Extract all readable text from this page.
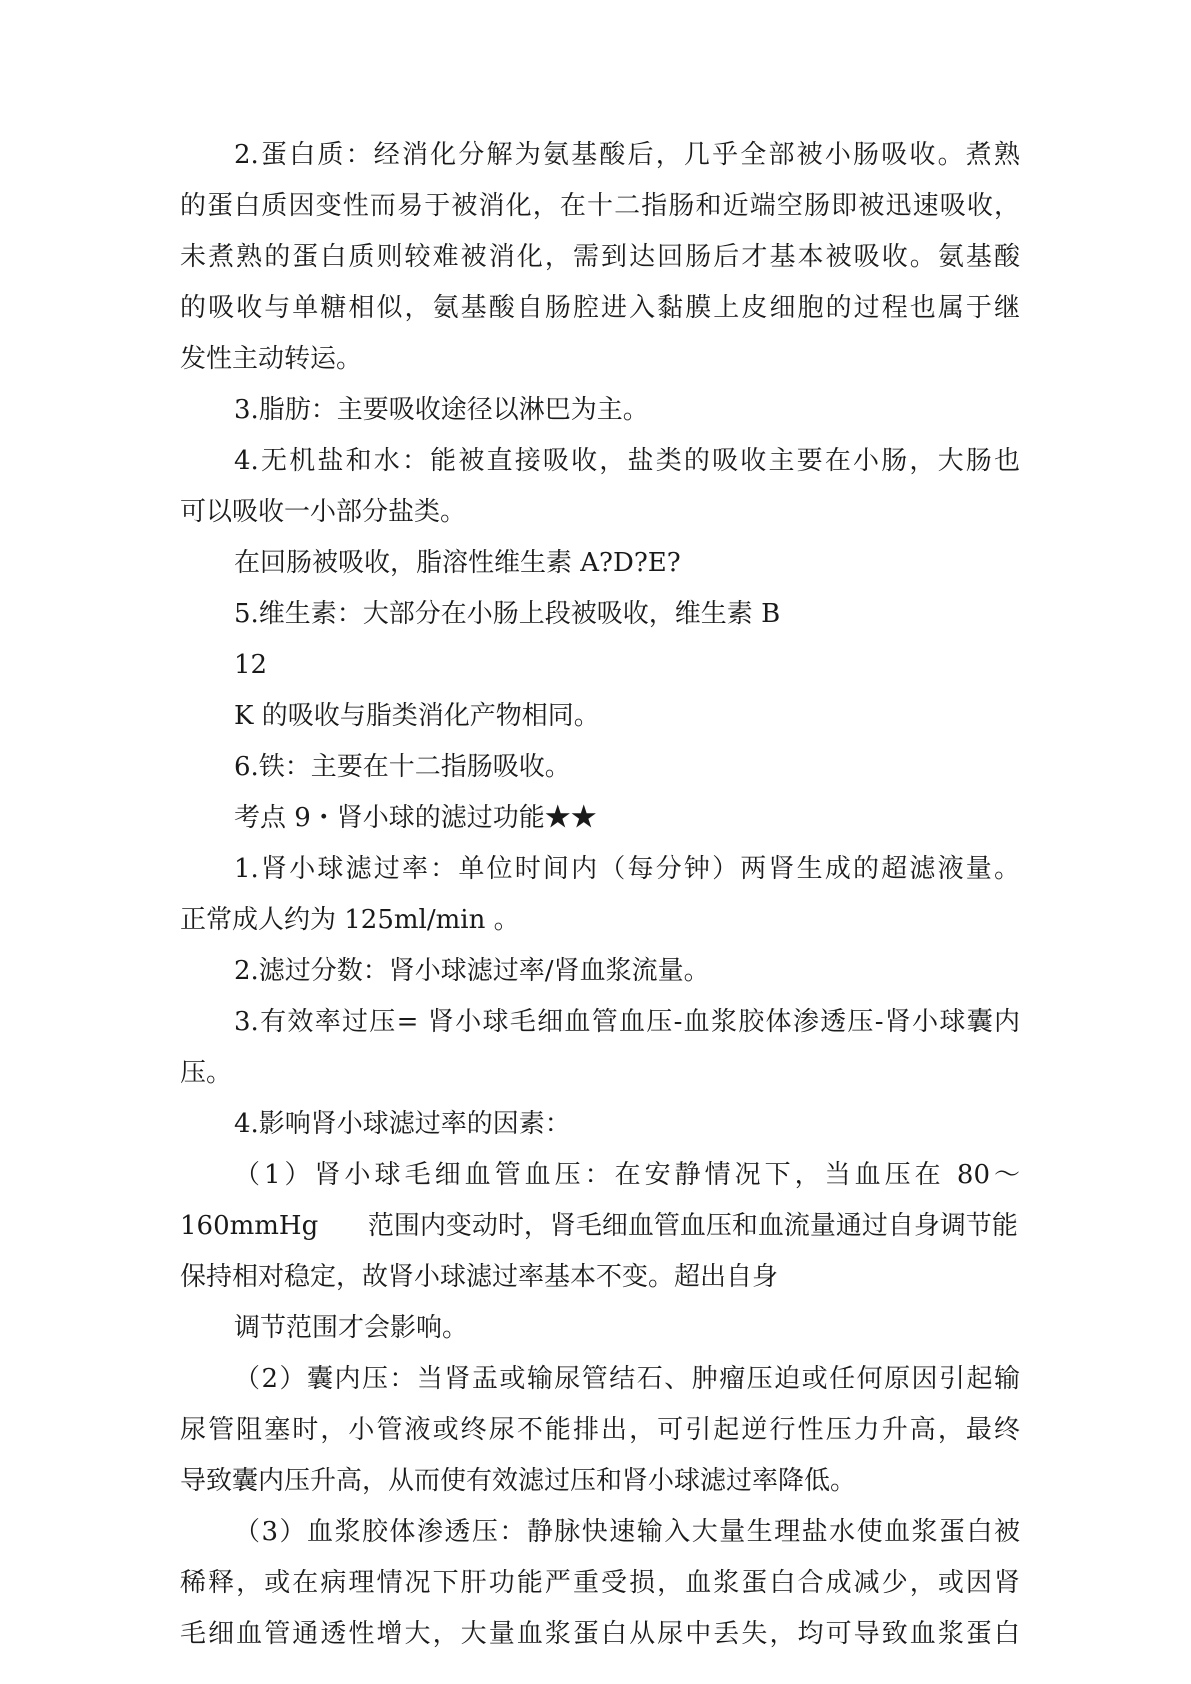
2.蛋白质：经消化分解为氨基酸后，几乎全部被小肠吸收。煮熟
的蛋白质因变性而易于被消化，在十二指肠和近端空肠即被迅速吸收，
未煮熟的蛋白质则较难被消化，需到达回肠后才基本被吸收。氨基酸
的吸收与单糖相似，氨基酸自肠腔进入黏膜上皮细胞的过程也属于继
发性主动转运。
3.脂肪：主要吸收途径以淋巴为主。
4.无机盐和水：能被直接吸收，盐类的吸收主要在小肠，大肠也
可以吸收一小部分盐类。
在回肠被吸收，脂溶性维生素 A?D?E?
5.维生素：大部分在小肠上段被吸收，维生素 B
12
K 的吸收与脂类消化产物相同。
6.铁：主要在十二指肠吸收。
考点 9・肾小球的滤过功能★★
1.肾小球滤过率：单位时间内（每分钟）两肾生成的超滤液量。
正常成人约为 125ml/min 。
2.滤过分数：肾小球滤过率/肾血浆流量。
3.有效率过压= 肾小球毛细血管血压-血浆胶体渗透压-肾小球囊内
压。
4.影响肾小球滤过率的因素：
（1）肾小球毛细血管血压：在安静情况下，当血压在 80～
160mmHg      范围内变动时，肾毛细血管血压和血流量通过自身调节能
保持相对稳定，故肾小球滤过率基本不变。超出自身
调节范围才会影响。
（2）囊内压：当肾盂或输尿管结石、肿瘤压迫或任何原因引起输
尿管阻塞时，小管液或终尿不能排出，可引起逆行性压力升高，最终
导致囊内压升高，从而使有效滤过压和肾小球滤过率降低。
（3）血浆胶体渗透压：静脉快速输入大量生理盐水使血浆蛋白被
稀释，或在病理情况下肝功能严重受损，血浆蛋白合成减少，或因肾
毛细血管通透性增大，大量血浆蛋白从尿中丢失，均可导致血浆蛋白
